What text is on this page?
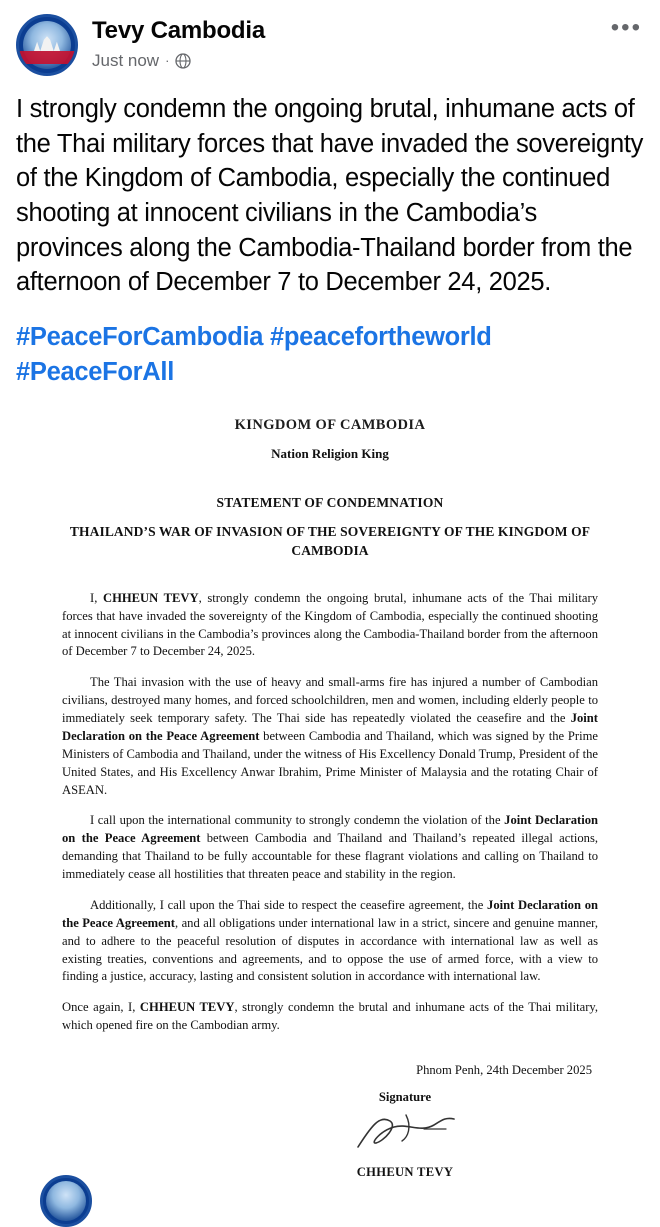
Tevy Cambodia
Just now ·
•••
I strongly condemn the ongoing brutal, inhumane acts of the Thai military forces that have invaded the sovereignty of the Kingdom of Cambodia, especially the continued shooting at innocent civilians in the Cambodia’s provinces along the Cambodia-Thailand border from the afternoon of December 7 to December 24, 2025.
#PeaceForCambodia #peacefortheworld #PeaceForAll
KINGDOM OF CAMBODIA
Nation Religion King
STATEMENT OF CONDEMNATION
THAILAND’S WAR OF INVASION OF THE SOVEREIGNTY OF THE KINGDOM OF CAMBODIA
I, CHHEUN TEVY, strongly condemn the ongoing brutal, inhumane acts of the Thai military forces that have invaded the sovereignty of the Kingdom of Cambodia, especially the continued shooting at innocent civilians in the Cambodia’s provinces along the Cambodia-Thailand border from the afternoon of December 7 to December 24, 2025.
The Thai invasion with the use of heavy and small-arms fire has injured a number of Cambodian civilians, destroyed many homes, and forced schoolchildren, men and women, including elderly people to immediately seek temporary safety. The Thai side has repeatedly violated the ceasefire and the Joint Declaration on the Peace Agreement between Cambodia and Thailand, which was signed by the Prime Ministers of Cambodia and Thailand, under the witness of His Excellency Donald Trump, President of the United States, and His Excellency Anwar Ibrahim, Prime Minister of Malaysia and the rotating Chair of ASEAN.
I call upon the international community to strongly condemn the violation of the Joint Declaration on the Peace Agreement between Cambodia and Thailand and Thailand’s repeated illegal actions, demanding that Thailand to be fully accountable for these flagrant violations and calling on Thailand to immediately cease all hostilities that threaten peace and stability in the region.
Additionally, I call upon the Thai side to respect the ceasefire agreement, the Joint Declaration on the Peace Agreement, and all obligations under international law in a strict, sincere and genuine manner, and to adhere to the peaceful resolution of disputes in accordance with international law as well as existing treaties, conventions and agreements, and to oppose the use of armed force, with a view to finding a justice, accuracy, lasting and consistent solution in accordance with international law.
Once again, I, CHHEUN TEVY, strongly condemn the brutal and inhumane acts of the Thai military, which opened fire on the Cambodian army.
Phnom Penh, 24th December 2025
Signature
CHHEUN TEVY
